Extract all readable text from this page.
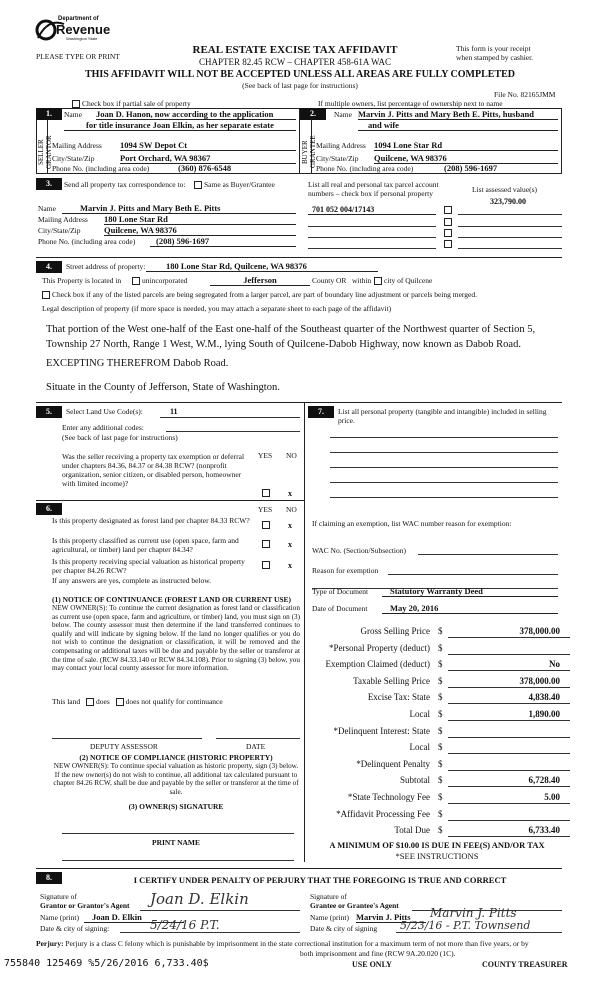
Department of
Revenue
Washington State
PLEASE TYPE OR PRINT
REAL ESTATE EXCISE TAX AFFIDAVIT
CHAPTER 82.45 RCW – CHAPTER 458-61A WAC
This form is your receipt
when stamped by cashier.
THIS AFFIDAVIT WILL NOT BE ACCEPTED UNLESS ALL AREAS ARE FULLY COMPLETED
(See back of last page for instructions)
File No. 82165JMM
Check box if partial sale of property	If multiple owners, list percentage of ownership next to name
1.	2.
SELLER GRANTOR	BUYER GRANTEE
Name Joan D. Hanon, now according to the application
for title insurance Joan Elkin, as her separate estate
Mailing Address 1094 SW Depot Ct
City/State/Zip	Port Orchard, WA 98367
Phone No. (including area code)	(360) 876-6548
Name Marvin J. Pitts and Mary Beth E. Pitts, husband
and wife
Mailing Address 1094 Lone Star Rd
City/State/Zip Quilcene, WA 98376
Phone No. (including area code)	(208) 596-1697
3.	Send all property tax correspondence to:	Same as Buyer/Grantee
Name	Marvin J. Pitts and Mary Beth E. Pitts
Mailing Address 180 Lone Star Rd
City/State/Zip	Quilcene, WA 98376
Phone No. (including area code)	(208) 596-1697
List all real and personal tax parcel account
numbers – check box if personal property	List assessed value(s)
323,790.00
701 052 004/17143
4.	Street address of property:	180 Lone Star Rd, Quilcene, WA 98376
This Property is located in	unincorporated	Jefferson	County OR within	city of Quilcene
Check box if any of the listed parcels are being segregated from a larger parcel, are part of boundary line adjustment or parcels being merged.
Legal description of property (if more space is needed, you may attach a separate sheet to each page of the affidavit)
That portion of the West one-half of the East one-half of the Southeast quarter of the Northwest quarter of Section 5, Township 27 North, Range 1 West, W.M., lying South of Quilcene-Dabob Highway, now known as Dabob Road.
EXCEPTING THEREFROM Dabob Road.
Situate in the County of Jefferson, State of Washington.
5.	Select Land Use Code(s):	11
Enter any additional codes:
(See back of last page for instructions)
YES NO
Was the seller receiving a property tax exemption or deferral under chapters 84.36, 84.37 or 84.38 RCW? (nonprofit organization, senior citizen, or disabled person, homeowner with limited income)?
x
6.	YES NO
Is this property designated as forest land per chapter 84.33 RCW?
x
Is this property classified as current use (open space, farm and agricultural, or timber) land per chapter 84.34?
x
Is this property receiving special valuation as historical property per chapter 84.26 RCW?
x
If any answers are yes, complete as instructed below.
(1) NOTICE OF CONTINUANCE (FOREST LAND OR CURRENT USE)
NEW OWNER(S): To continue the current designation as forest land or classification as current use (open space, farm and agriculture, or timber) land, you must sign on (3) below. The county assessor must then determine if the land transferred continues to qualify and will indicate by signing below. If the land no longer qualifies or you do not wish to continue the designation or classification, it will be removed and the compensating or additional taxes will be due and payable by the seller or transferor at the time of sale. (RCW 84.33.140 or RCW 84.34.108). Prior to signing (3) below, you may contact your local county assessor for more information.
This land does does not qualify for continuance
DEPUTY ASSESSOR	DATE
(2) NOTICE OF COMPLIANCE (HISTORIC PROPERTY)
NEW OWNER(S): To continue special valuation as historic property, sign (3) below. If the new owner(s) do not wish to continue, all additional tax calculated pursuant to chapter 84.26 RCW, shall be due and payable by the seller or transferor at the time of sale.
(3) OWNER(S) SIGNATURE
PRINT NAME
7.	List all personal property (tangible and intangible) included in selling price.
If claiming an exemption, list WAC number reason for exemption:
WAC No. (Section/Subsection)
Reason for exemption
Type of Document	Statutory Warranty Deed
Date of Document	May 20, 2016
Gross Selling Price $	378,000.00
*Personal Property (deduct) $
Exemption Claimed (deduct) $	No
Taxable Selling Price $	378,000.00
Excise Tax: State $	4,838.40
Local $	1,890.00
*Delinquent Interest: State $
Local $
*Delinquent Penalty $
Subtotal $	6,728.40
*State Technology Fee $	5.00
*Affidavit Processing Fee $
Total Due $	6,733.40
A MINIMUM OF $10.00 IS DUE IN FEE(S) AND/OR TAX
*SEE INSTRUCTIONS
8.	I CERTIFY UNDER PENALTY OF PERJURY THAT THE FOREGOING IS TRUE AND CORRECT
Signature of
Grantor or Grantor's Agent Joan D. Elkin
Name (print)	Joan D. Elkin
Date & city of signing:	5/24/16 P.T.
Signature of
Grantee or Grantee's Agent
Name (print) Marvin J. Pitts	Marvin J. Pitts
Date & city of signing 5/23/16 - P.T. Townsend
Perjury: Perjury is a class C felony which is punishable by imprisonment in the state correctional institution for a maximum term of not more than five years, or by
both imprisonment and fine (RCW 9A.20.020 (1C).
755840 125469 %5/26/2016 6,733.40$	USE ONLY	COUNTY TREASURER
